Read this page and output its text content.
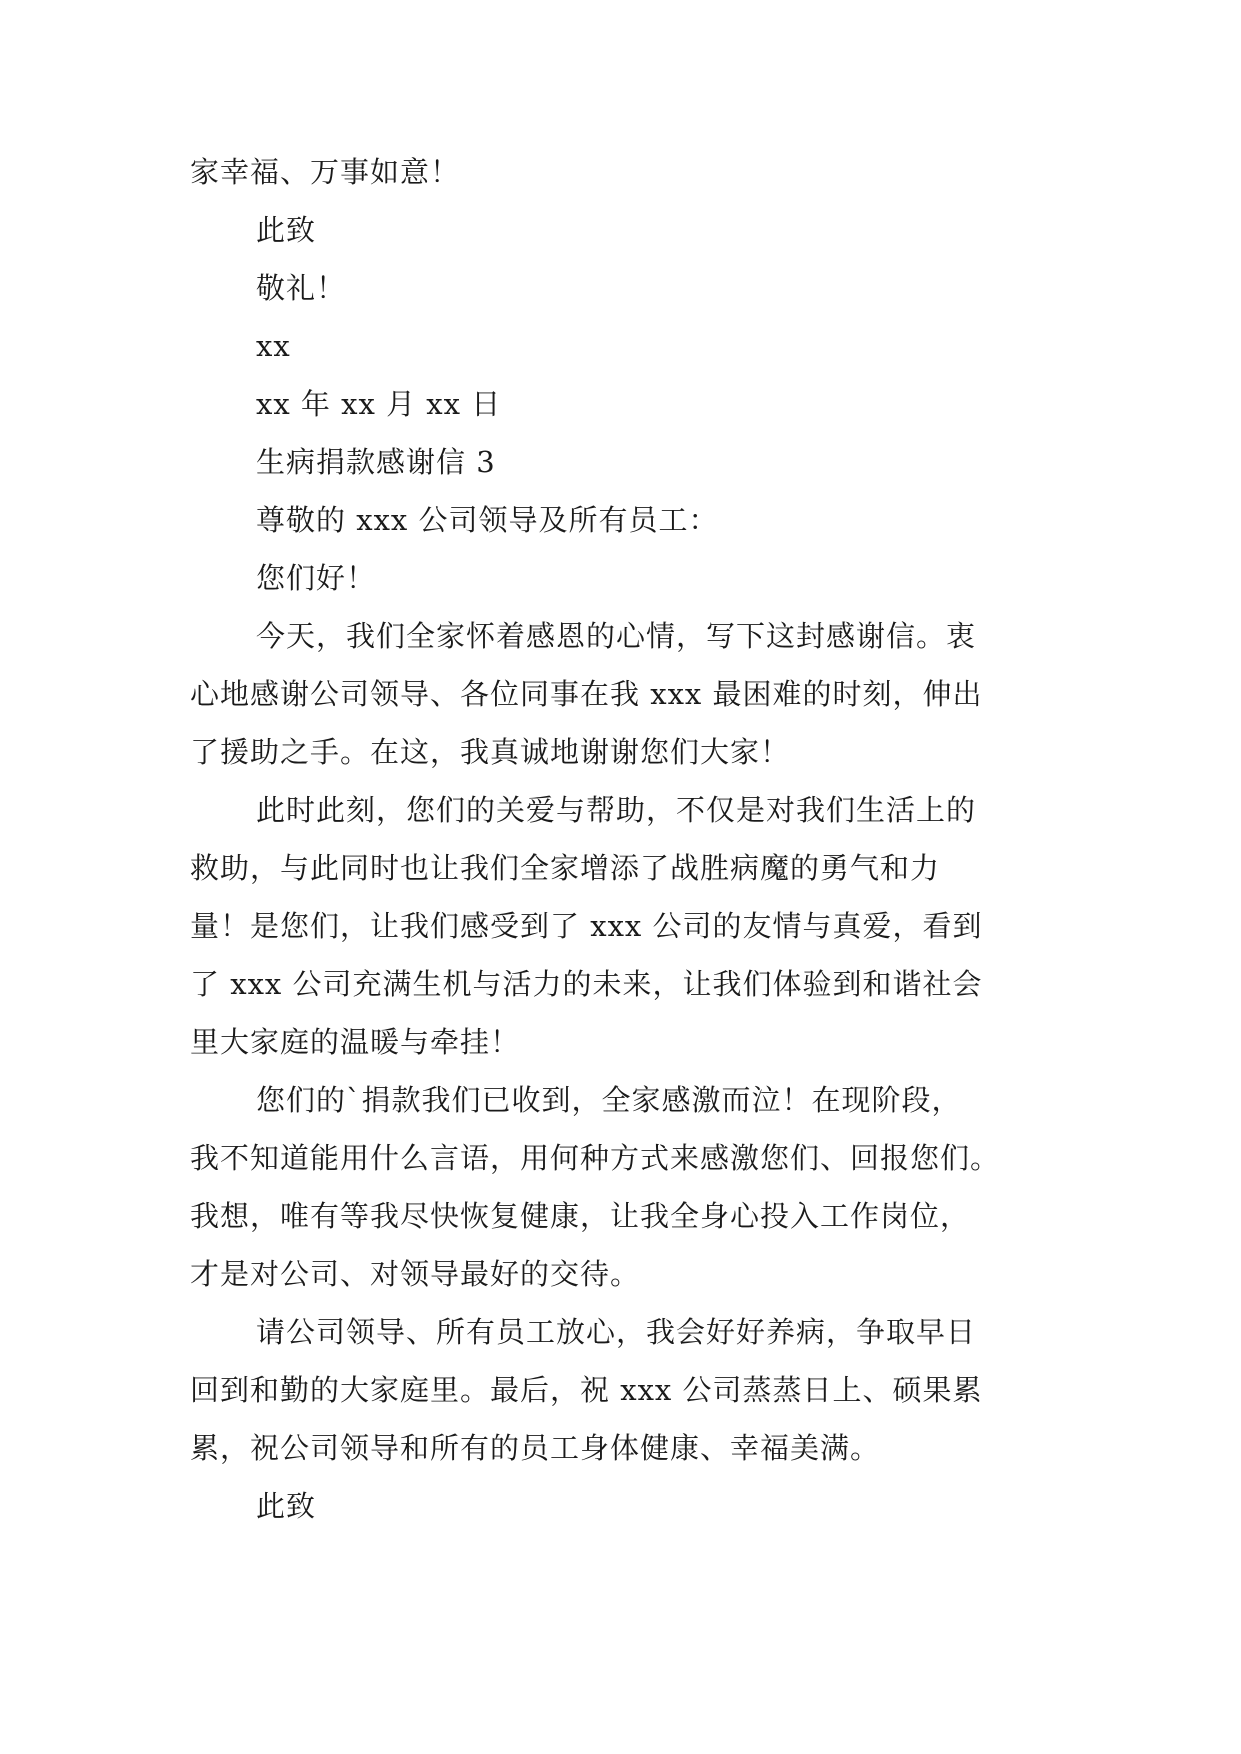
家幸福、万事如意！
此致
敬礼！
xx
xx 年 xx 月 xx 日
生病捐款感谢信 3
尊敬的 xxx 公司领导及所有员工：
您们好！
今天，我们全家怀着感恩的心情，写下这封感谢信。衷
心地感谢公司领导、各位同事在我 xxx 最困难的时刻，伸出
了援助之手。在这，我真诚地谢谢您们大家！
此时此刻，您们的关爱与帮助，不仅是对我们生活上的
救助，与此同时也让我们全家增添了战胜病魔的勇气和力
量！是您们，让我们感受到了 xxx 公司的友情与真爱，看到
了 xxx 公司充满生机与活力的未来，让我们体验到和谐社会
里大家庭的温暖与牵挂！
您们的`捐款我们已收到，全家感激而泣！在现阶段，
我不知道能用什么言语，用何种方式来感激您们、回报您们。
我想，唯有等我尽快恢复健康，让我全身心投入工作岗位，
才是对公司、对领导最好的交待。
请公司领导、所有员工放心，我会好好养病，争取早日
回到和勤的大家庭里。最后，祝 xxx 公司蒸蒸日上、硕果累
累，祝公司领导和所有的员工身体健康、幸福美满。
此致
